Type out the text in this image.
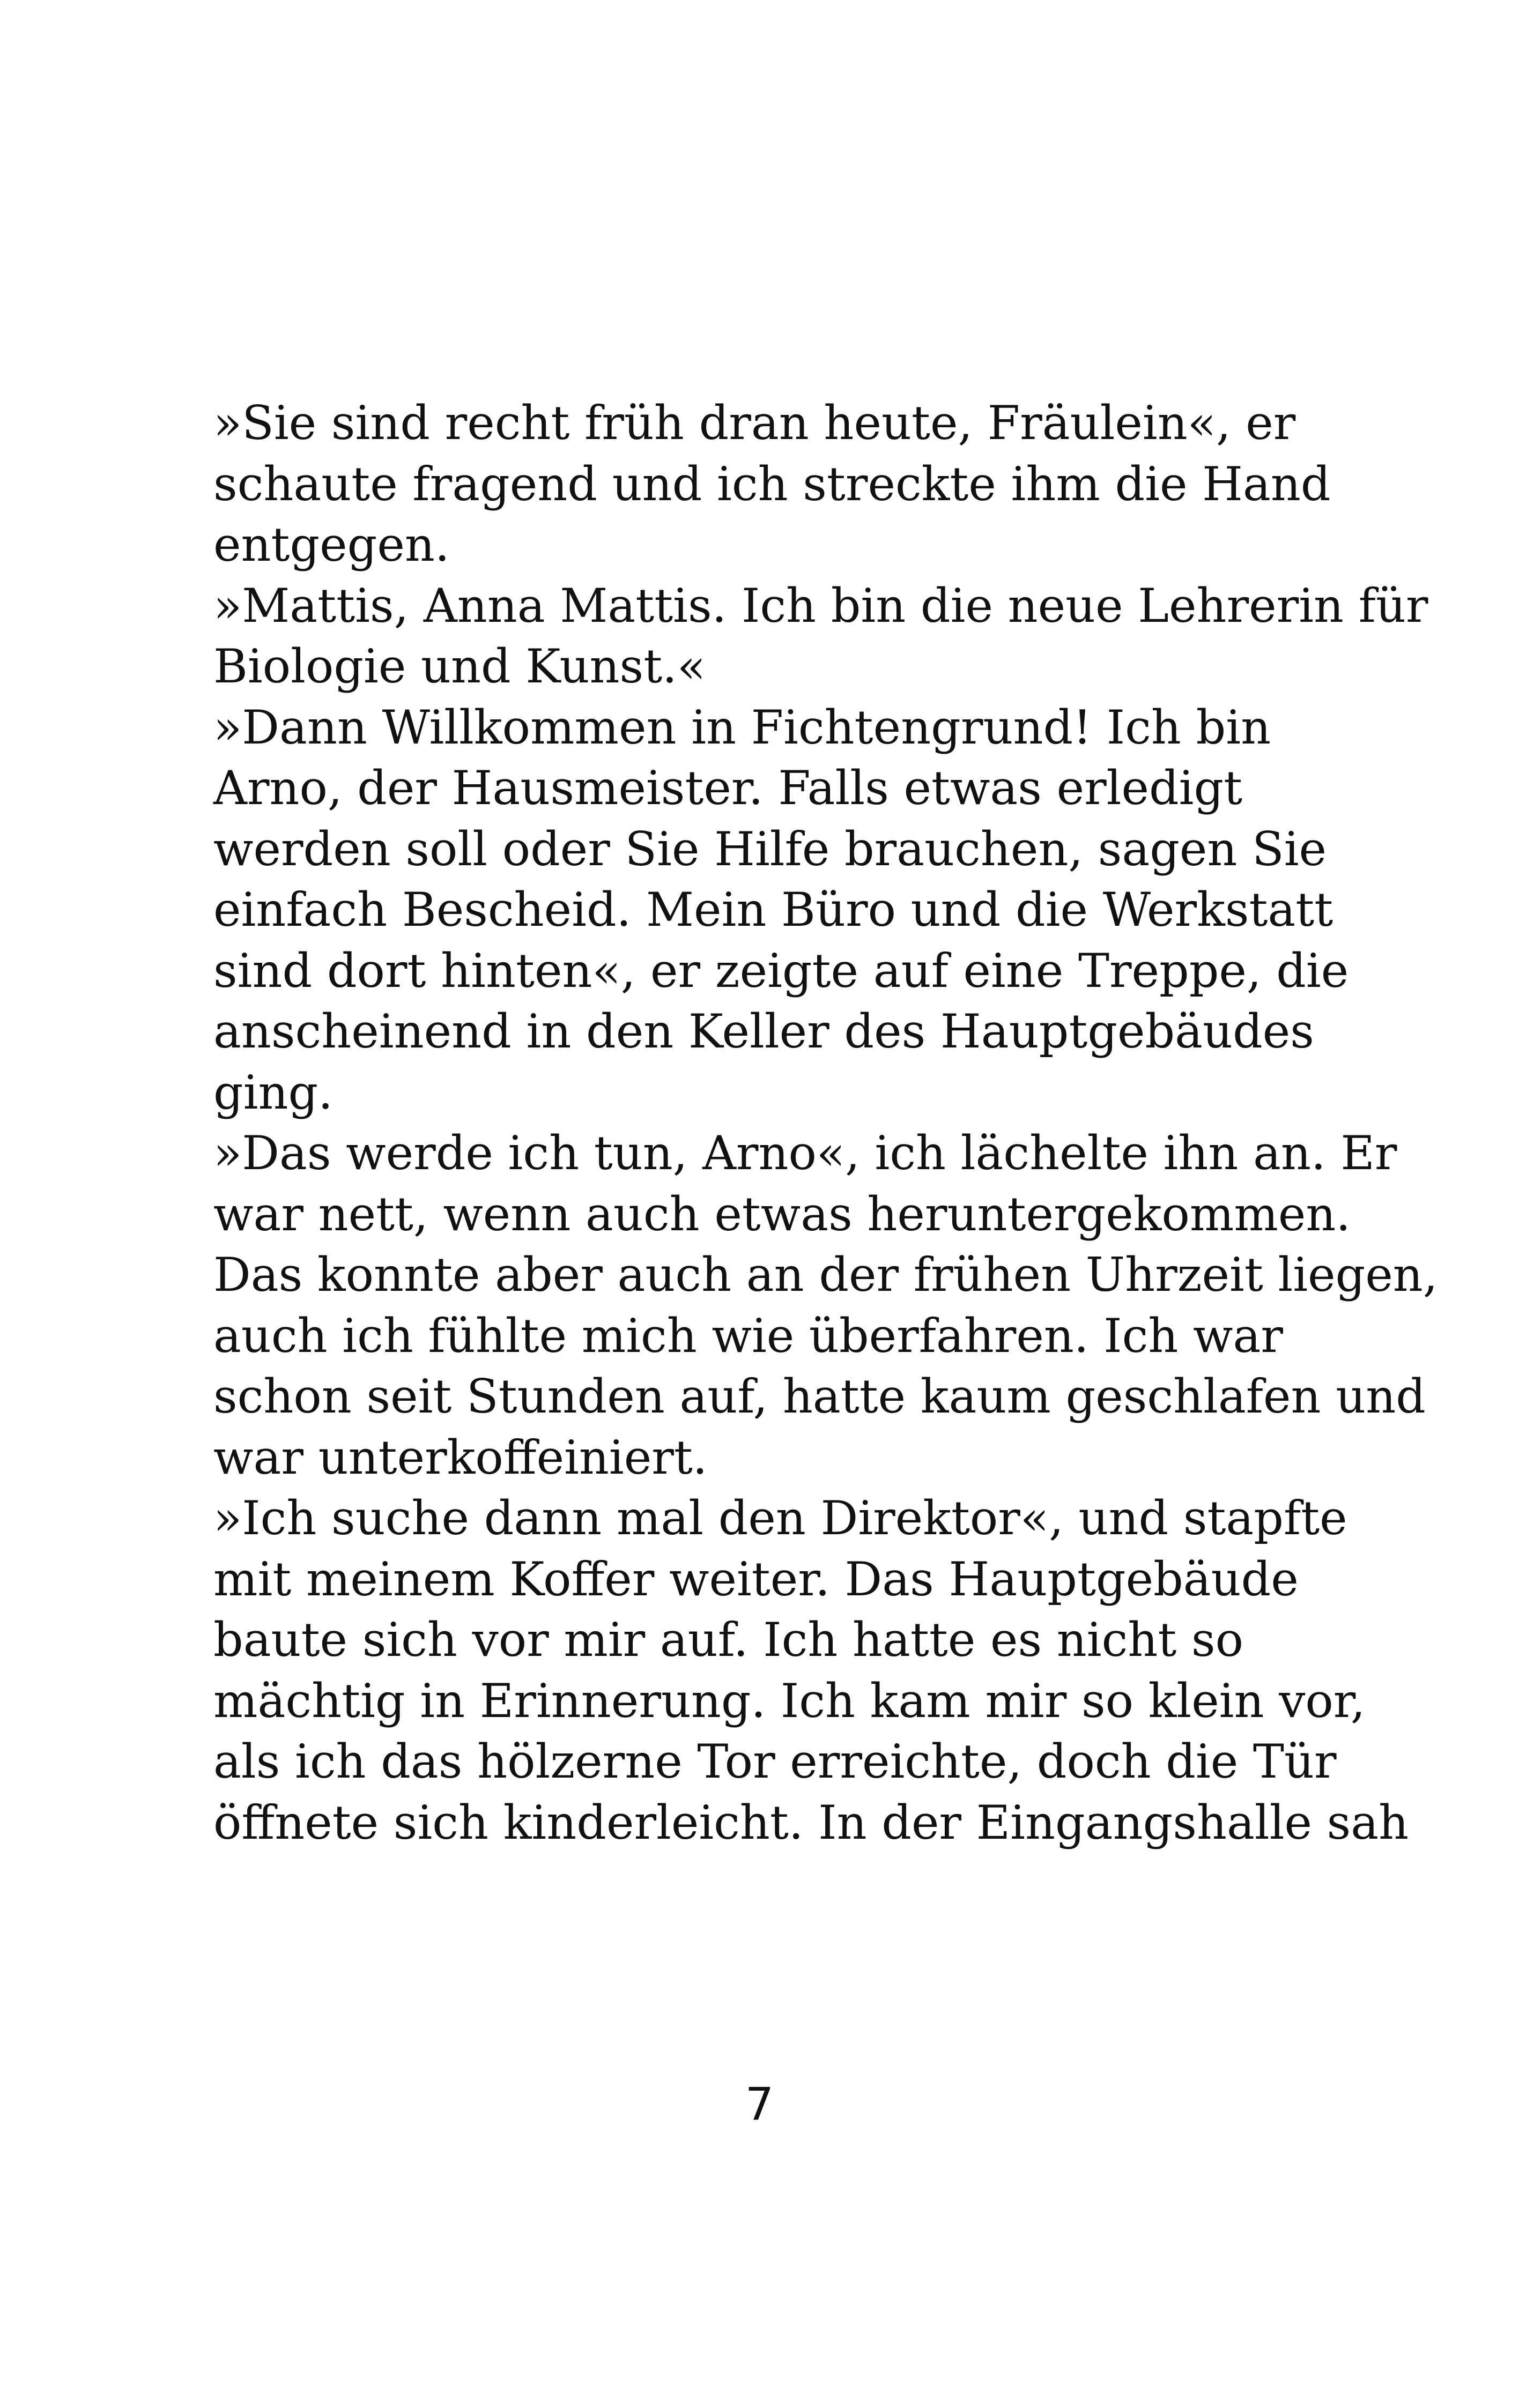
»Sie sind recht früh dran heute, Fräulein«, er
schaute fragend und ich streckte ihm die Hand
entgegen.
»Mattis, Anna Mattis. Ich bin die neue Lehrerin für
Biologie und Kunst.«
»Dann Willkommen in Fichtengrund! Ich bin
Arno, der Hausmeister. Falls etwas erledigt
werden soll oder Sie Hilfe brauchen, sagen Sie
einfach Bescheid. Mein Büro und die Werkstatt
sind dort hinten«, er zeigte auf eine Treppe, die
anscheinend in den Keller des Hauptgebäudes
ging.
»Das werde ich tun, Arno«, ich lächelte ihn an. Er
war nett, wenn auch etwas heruntergekommen.
Das konnte aber auch an der frühen Uhrzeit liegen,
auch ich fühlte mich wie überfahren. Ich war
schon seit Stunden auf, hatte kaum geschlafen und
war unterkoffeiniert.
»Ich suche dann mal den Direktor«, und stapfte
mit meinem Koffer weiter. Das Hauptgebäude
baute sich vor mir auf. Ich hatte es nicht so
mächtig in Erinnerung. Ich kam mir so klein vor,
als ich das hölzerne Tor erreichte, doch die Tür
öffnete sich kinderleicht. In der Eingangshalle sah
7
